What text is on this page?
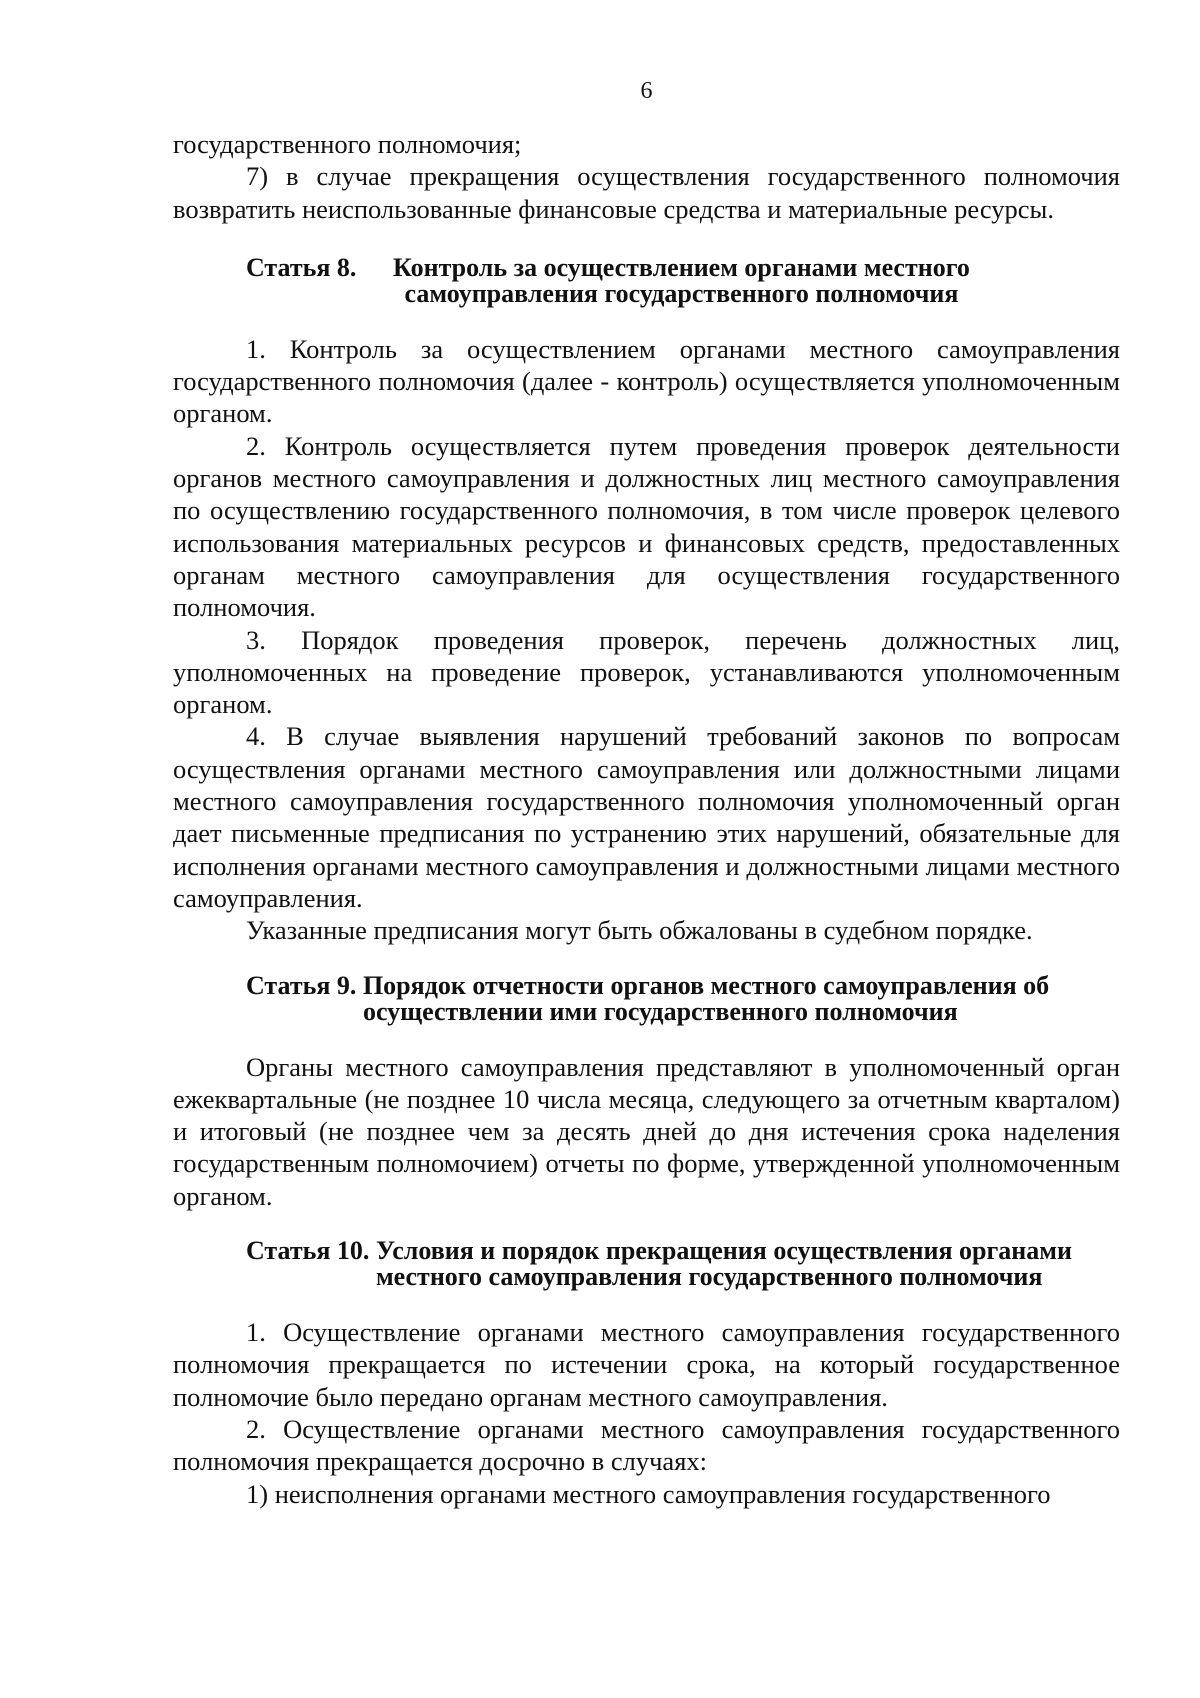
6

государственного полномочия;

7) в случае прекращения осуществления государственного полномочия возвратить неиспользованные финансовые средства и материальные ресурсы.

Статья 8.	Контроль за осуществлением органами местного самоуправления государственного полномочия

1. Контроль за осуществлением органами местного самоуправления государственного полномочия (далее - контроль) осуществляется уполномоченным органом.

2. Контроль осуществляется путем проведения проверок деятельности органов местного самоуправления и должностных лиц местного самоуправления по осуществлению государственного полномочия, в том числе проверок целевого использования материальных ресурсов и финансовых средств, предоставленных органам местного самоуправления для осуществления государственного полномочия.

3. Порядок проведения проверок, перечень должностных лиц, уполномоченных на проведение проверок, устанавливаются уполномоченным органом.

4. В случае выявления нарушений требований законов по вопросам осуществления органами местного самоуправления или должностными лицами местного самоуправления государственного полномочия уполномоченный орган дает письменные предписания по устранению этих нарушений, обязательные для исполнения органами местного самоуправления и должностными лицами местного самоуправления.

Указанные предписания могут быть обжалованы в судебном порядке.

Статья 9. Порядок отчетности органов местного самоуправления об осуществлении ими государственного полномочия

Органы местного самоуправления представляют в уполномоченный орган ежеквартальные (не позднее 10 числа месяца, следующего за отчетным кварталом) и итоговый (не позднее чем за десять дней до дня истечения срока наделения государственным полномочием) отчеты по форме, утвержденной уполномоченным органом.

Статья 10. Условия и порядок прекращения осуществления органами местного самоуправления государственного полномочия

1. Осуществление органами местного самоуправления государственного полномочия прекращается по истечении срока, на который государственное полномочие было передано органам местного самоуправления.

2. Осуществление органами местного самоуправления государственного полномочия прекращается досрочно в случаях:

1) неисполнения органами местного самоуправления государственного
